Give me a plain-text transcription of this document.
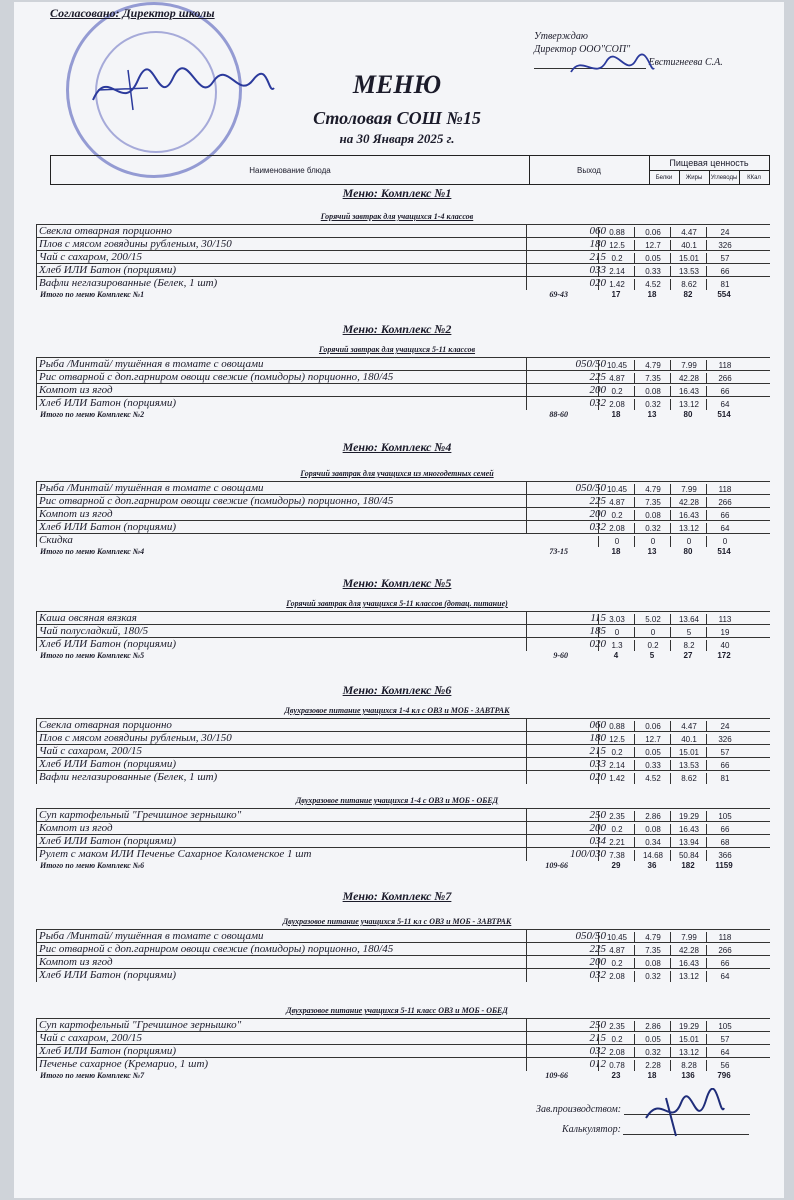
Согласовано: Директор школы
Утверждаю
Директор ООО"СОП"
Евстигнеева С.А.
МЕНЮ
Столовая СОШ №15
на 30 Января 2025 г.
Наименование блюда	Выход
Пищевая ценность
Белки	Жиры	Углеводы	ККал
Меню: Комплекс №1
Горячий завтрак для учащихся 1-4 классов
Свекла отварная порционно	060 0.88	0.06	4.47	24
Плов с мясом говядины рубленым, 30/150	180 12.5	12.7	40.1	326
Чай с сахаром, 200/15	215 0.2	0.05	15.01	57
Хлеб ИЛИ Батон (порциями)	033 2.14	0.33	13.53	66
Вафли неглазированные (Белек, 1 шт)	020 1.42	4.52	8.62	81
Итого по меню Комплекс №1	69-43	17	18	82	554
Меню: Комплекс №2
Горячий завтрак для учащихся 5-11 классов
Рыба /Минтай/ тушённая в томате с овощами	050/50 10.45	4.79	7.99	118
Рис отварной с доп.гарниром овощи свежие (помидоры) порционно, 180/45	225 4.87	7.35	42.28	266
Компот из ягод	200 0.2	0.08	16.43	66
Хлеб ИЛИ Батон (порциями)	032 2.08	0.32	13.12	64
Итого по меню Комплекс №2	88-60	18	13	80	514
Меню: Комплекс №4
Горячий завтрак для учащихся из многодетных семей
Рыба /Минтай/ тушённая в томате с овощами	050/50 10.45	4.79	7.99	118
Рис отварной с доп.гарниром овощи свежие (помидоры) порционно, 180/45	225 4.87	7.35	42.28	266
Компот из ягод	200 0.2	0.08	16.43	66
Хлеб ИЛИ Батон (порциями)	032 2.08	0.32	13.12	64
Скидка	0	0	0	0
Итого по меню Комплекс №4	73-15	18	13	80	514
Меню: Комплекс №5
Горячий завтрак для учащихся 5-11 классов (дотац. питание)
Каша овсяная вязкая	115 3.03	5.02	13.64	113
Чай полусладкий, 180/5	185	0	0	5	19
Хлеб ИЛИ Батон (порциями)	020 1.3	0.2	8.2	40
Итого по меню Комплекс №5	9-60	4	5	27	172
Меню: Комплекс №6
Двухразовое питание учащихся 1-4 кл с ОВЗ и МОБ - ЗАВТРАК
Свекла отварная порционно	060 0.88	0.06	4.47	24
Плов с мясом говядины рубленым, 30/150	180 12.5	12.7	40.1	326
Чай с сахаром, 200/15	215 0.2	0.05	15.01	57
Хлеб ИЛИ Батон (порциями)	033 2.14	0.33	13.53	66
Вафли неглазированные (Белек, 1 шт)	020 1.42	4.52	8.62	81
Двухразовое питание учащихся 1-4 с ОВЗ и МОБ - ОБЕД
Суп картофельный "Гречишное зернышко"	250 2.35	2.86	19.29	105
Компот из ягод	200 0.2	0.08	16.43	66
Хлеб ИЛИ Батон (порциями)	034 2.21	0.34	13.94	68
Рулет с маком ИЛИ Печенье Сахарное Коломенское 1 шт	100/030 7.38	14.68	50.84	366
Итого по меню Комплекс №6	109-66	29	36	182	1159
Меню: Комплекс №7
Двухразовое питание учащихся 5-11 кл с ОВЗ и МОБ - ЗАВТРАК
Рыба /Минтай/ тушённая в томате с овощами	050/50 10.45	4.79	7.99	118
Рис отварной с доп.гарниром овощи свежие (помидоры) порционно, 180/45	225 4.87	7.35	42.28	266
Компот из ягод	200 0.2	0.08	16.43	66
Хлеб ИЛИ Батон (порциями)	032 2.08	0.32	13.12	64
Двухразовое питание учащихся 5-11 класс ОВЗ и МОБ - ОБЕД
Суп картофельный "Гречишное зернышко"	250 2.35	2.86	19.29	105
Чай с сахаром, 200/15	215 0.2	0.05	15.01	57
Хлеб ИЛИ Батон (порциями)	032 2.08	0.32	13.12	64
Печенье сахарное (Кремарио, 1 шт)	012 0.78	2.28	8.28	56
Итого по меню Комплекс №7	109-66	23	18	136	796
Зав.производством:
Калькулятор:
